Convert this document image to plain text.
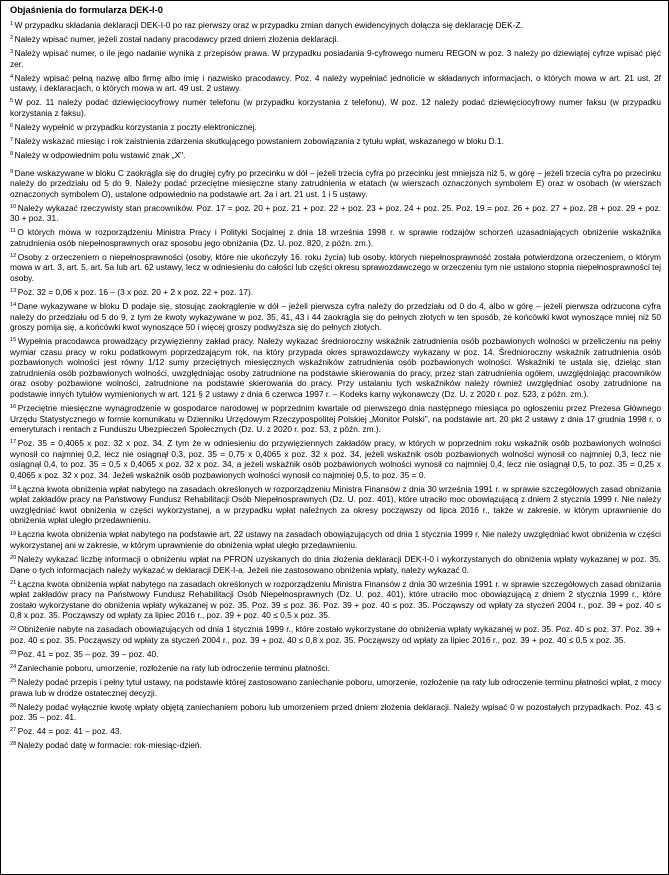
Objaśnienia do formularza DEK-I-0
$^1$ W przypadku składania deklaracji DEK-I-0 po raz pierwszy oraz w przypadku zmian danych ewidencyjnych dołącza się deklarację DEK-Z.
$^2$ Należy wpisać numer, jeżeli został nadany pracodawcy przed dniem złożenia deklaracji.
$^3$ Należy wpisać numer, o ile jego nadanie wynika z przepisów prawa. W przypadku posiadania 9-cyfrowego numeru REGON w poz. 3 należy po dziewiątej cyfrze wpisać pięć zer.
$^4$ Należy wpisać pełną nazwę albo firmę albo imię i nazwisko pracodawcy. Poz. 4 należy wypełniać jednolicie w składanych informacjach, o których mowa w art. 21 ust. 2f ustawy, i deklaracjach, o których mowa w art. 49 ust. 2 ustawy.
$^5$ W poz. 11 należy podać dziewięciocyfrowy numer telefonu (w przypadku korzystania z telefonu). W poz. 12 należy podać dziewięciocyfrowy numer faksu (w przypadku korzystania z faksu).
$^6$ Należy wypełnić w przypadku korzystania z poczty elektronicznej.
$^7$ Należy wskazać miesiąc i rok zaistnienia zdarzenia skutkującego powstaniem zobowiązania z tytułu wpłat, wskazanego w bloku D.1.
$^8$ Należy w odpowiednim polu wstawić znak „X".
$^9$ Dane wskazywane w bloku C zaokrągla się do drugiej cyfry po przecinku w dół – jeżeli trzecia cyfra po przecinku jest mniejsza niż 5, w górę – jeżeli trzecia cyfra po przecinku należy do przedziału od 5 do 9. Należy podać przeciętne miesięczne stany zatrudnienia w etatach (w wierszach oznaczonych symbolem E) oraz w osobach (w wierszach oznaczonych symbolem O), ustalone odpowiednio na podstawie art. 2a i art. 21 ust. 1 i 5 ustawy.
$^{10}$ Należy wykazać rzeczywisty stan pracowników. Poz. 17 = poz. 20 + poz. 21 + poz. 22 + poz. 23 + poz. 24 + poz. 25. Poz. 19 = poz. 26 + poz. 27 + poz. 28 + poz. 29 + poz. 30 + poz. 31.
$^{11}$ O których mowa w rozporządzeniu Ministra Pracy i Polityki Socjalnej z dnia 18 września 1998 r. w sprawie rodzajów schorzeń uzasadniających obniżenie wskaźnika zatrudnienia osób niepełnosprawnych oraz sposobu jego obniżania (Dz. U. poz. 820, z późn. zm.).
$^{12}$ Osoby z orzeczeniem o niepełnosprawności (osoby, które nie ukończyły 16. roku życia) lub osoby, których niepełnosprawność została potwierdzona orzeczeniem, o którym mowa w art. 3, art. 5, art. 5a lub art. 62 ustawy, lecz w odniesieniu do całości lub części okresu sprawozdawczego w orzeczeniu tym nie ustalono stopnia niepełnosprawności tej osoby.
$^{13}$ Poz. 32 = 0,06 x poz. 16 – (3 x poz. 20 + 2 x poz. 22 + poz. 17).
$^{14}$ Dane wykazywane w bloku D podaje się, stosując zaokrąglenie w dół – jeżeli pierwsza cyfra należy do przedziału od 0 do 4, albo w górę – jeżeli pierwsza odrzucona cyfra należy do przedziału od 5 do 9, z tym że kwoty wykazywane w poz. 35, 41, 43 i 44 zaokrągla się do pełnych złotych w ten sposób, że końcówki kwot wynoszące mniej niż 50 groszy pomija się, a końcówki kwot wynoszące 50 i więcej groszy podwyższa się do pełnych złotych.
$^{15}$ Wypełnia pracodawca prowadzący przywięzienny zakład pracy. Należy wykazać średnioroczny wskaźnik zatrudnienia osób pozbawionych wolności w przeliczeniu na pełny wymiar czasu pracy w roku podatkowym poprzedzającym rok, na który przypada okres sprawozdawczy wykazany w poz. 14. Średnioroczny wskaźnik zatrudnienia osób pozbawionych wolności jest równy 1/12 sumy przeciętnych miesięcznych wskaźników zatrudnienia osób pozbawionych wolności. Wskaźniki te ustala się, dzieląc stan zatrudnienia osób pozbawionych wolności, uwzględniając osoby zatrudnione na podstawie skierowania do pracy, przez stan zatrudnienia ogółem, uwzględniając pracowników oraz osoby pozbawione wolności, zatrudnione na podstawie skierowania do pracy. Przy ustalaniu tych wskaźników należy również uwzględniać osoby zatrudnione na podstawie innych tytułów wymienionych w art. 121 § 2 ustawy z dnia 6 czerwca 1997 r. – Kodeks karny wykonawczy (Dz. U. z 2020 r. poz. 523, z późn. zm.).
$^{16}$ Przeciętne miesięczne wynagrodzenie w gospodarce narodowej w poprzednim kwartale od pierwszego dnia następnego miesiąca po ogłoszeniu przez Prezesa Głównego Urzędu Statystycznego w formie komunikatu w Dzienniku Urzędowym Rzeczypospolitej Polskiej „Monitor Polski", na podstawie art. 20 pkt 2 ustawy z dnia 17 grudnia 1998 r. o emeryturach i rentach z Funduszu Ubezpieczeń Społecznych (Dz. U. z 2020 r. poz. 53, z późn. zm.).
$^{17}$ Poz. 35 = 0,4065 x poz. 32 x poz. 34. Z tym że w odniesieniu do przywięziennych zakładów pracy, w których w poprzednim roku wskaźnik osób pozbawionych wolności wynosił co najmniej 0,2, lecz nie osiągnął 0,3, poz. 35 = 0,75 x 0,4065 x poz. 32 x poz. 34, jeżeli wskaźnik osób pozbawionych wolności wynosił co najmniej 0,3, lecz nie osiągnął 0,4, to poz. 35 = 0,5 x 0,4065 x poz. 32 x poz. 34, a jeżeli wskaźnik osób pozbawionych wolności wynosił co najmniej 0,4, lecz nie osiągnął 0,5, to poz. 35 = 0,25 x 0,4065 x poz. 32 x poz. 34. Jeżeli wskaźnik osób pozbawionych wolności wynosił co najmniej 0,5, to poz. 35 = 0.
$^{18}$ Łączna kwota obniżenia wpłat nabytego na zasadach określonych w rozporządzeniu Ministra Finansów z dnia 30 września 1991 r. w sprawie szczegółowych zasad obniżania wpłat zakładów pracy na Państwowy Fundusz Rehabilitacji Osób Niepełnosprawnych (Dz. U. poz. 401), które utraciło moc obowiązującą z dniem 2 stycznia 1999 r. Nie należy uwzględniać kwot obniżenia w części wykorzystanej, a w przypadku wpłat należnych za okresy począwszy od lipca 2016 r., także w zakresie, w którym uprawnienie do obniżenia wpłat uległo przedawnieniu.
$^{19}$ Łączna kwota obniżenia wpłat nabytego na podstawie art. 22 ustawy na zasadach obowiązujących od dnia 1 stycznia 1999 r. Nie należy uwzględniać kwot obniżenia w części wykorzystanej ani w zakresie, w którym uprawnienie do obniżenia wpłat uległo przedawnieniu.
$^{20}$ Należy wykazać liczbę informacji o obniżeniu wpłat na PFRON uzyskanych do dnia złożenia deklaracji DEK-I-0 i wykorzystanych do obniżenia wpłaty wykazanej w poz. 35. Dane o tych informacjach należy wykazać w deklaracji DEK-I-a. Jeżeli nie zastosowano obniżenia wpłaty, należy wykazać 0.
$^{21}$ Łączna kwota obniżenia wpłat nabytego na zasadach określonych w rozporządzeniu Ministra Finansów z dnia 30 września 1991 r. w sprawie szczegółowych zasad obniżania wpłat zakładów pracy na Państwowy Fundusz Rehabilitacji Osób Niepełnosprawnych (Dz. U. poz. 401), które utraciło moc obowiązującą z dniem 2 stycznia 1999 r., które zostało wykorzystane do obniżenia wpłaty wykazanej w poz. 35. Poz. 39 ≤ poz. 36. Poz. 39 + poz. 40 ≤ poz. 35. Począwszy od wpłaty za styczeń 2004 r., poz. 39 + poz. 40 ≤ 0,8 x poz. 35. Począwszy od wpłaty za lipiec 2016 r., poz. 39 + poz. 40 ≤ 0,5 x poz. 35.
$^{22}$ Obniżenie nabyte na zasadach obowiązujących od dnia 1 stycznia 1999 r., które zostało wykorzystane do obniżenia wpłaty wykazanej w poz. 35. Poz. 40 ≤ poz. 37. Poz. 39 + poz. 40 ≤ poz. 35. Począwszy od wpłaty za styczeń 2004 r., poz. 39 + poz. 40 ≤ 0,8 x poz. 35. Począwszy od wpłaty za lipiec 2016 r., poz. 39 + poz. 40 ≤ 0,5 x poz. 35.
$^{23}$ Poz. 41 = poz. 35 – poz. 39 – poz. 40.
$^{24}$ Zaniechanie poboru, umorzenie, rozłożenie na raty lub odroczenie terminu płatności.
$^{25}$ Należy podać przepis i pełny tytuł ustawy, na podstawie której zastosowano zaniechanie poboru, umorzenie, rozłożenie na raty lub odroczenie terminu płatności wpłat, z mocy prawa lub w drodze ostatecznej decyzji.
$^{26}$ Należy podać wyłącznie kwotę wpłaty objętą zaniechaniem poboru lub umorzeniem przed dniem złożenia deklaracji. Należy wpisać 0 w pozostałych przypadkach. Poz. 43 ≤ poz. 35 – poz. 41.
$^{27}$ Poz. 44 = poz. 41 – poz. 43.
$^{28}$ Należy podać datę w formacie: rok-miesiąc-dzień.
